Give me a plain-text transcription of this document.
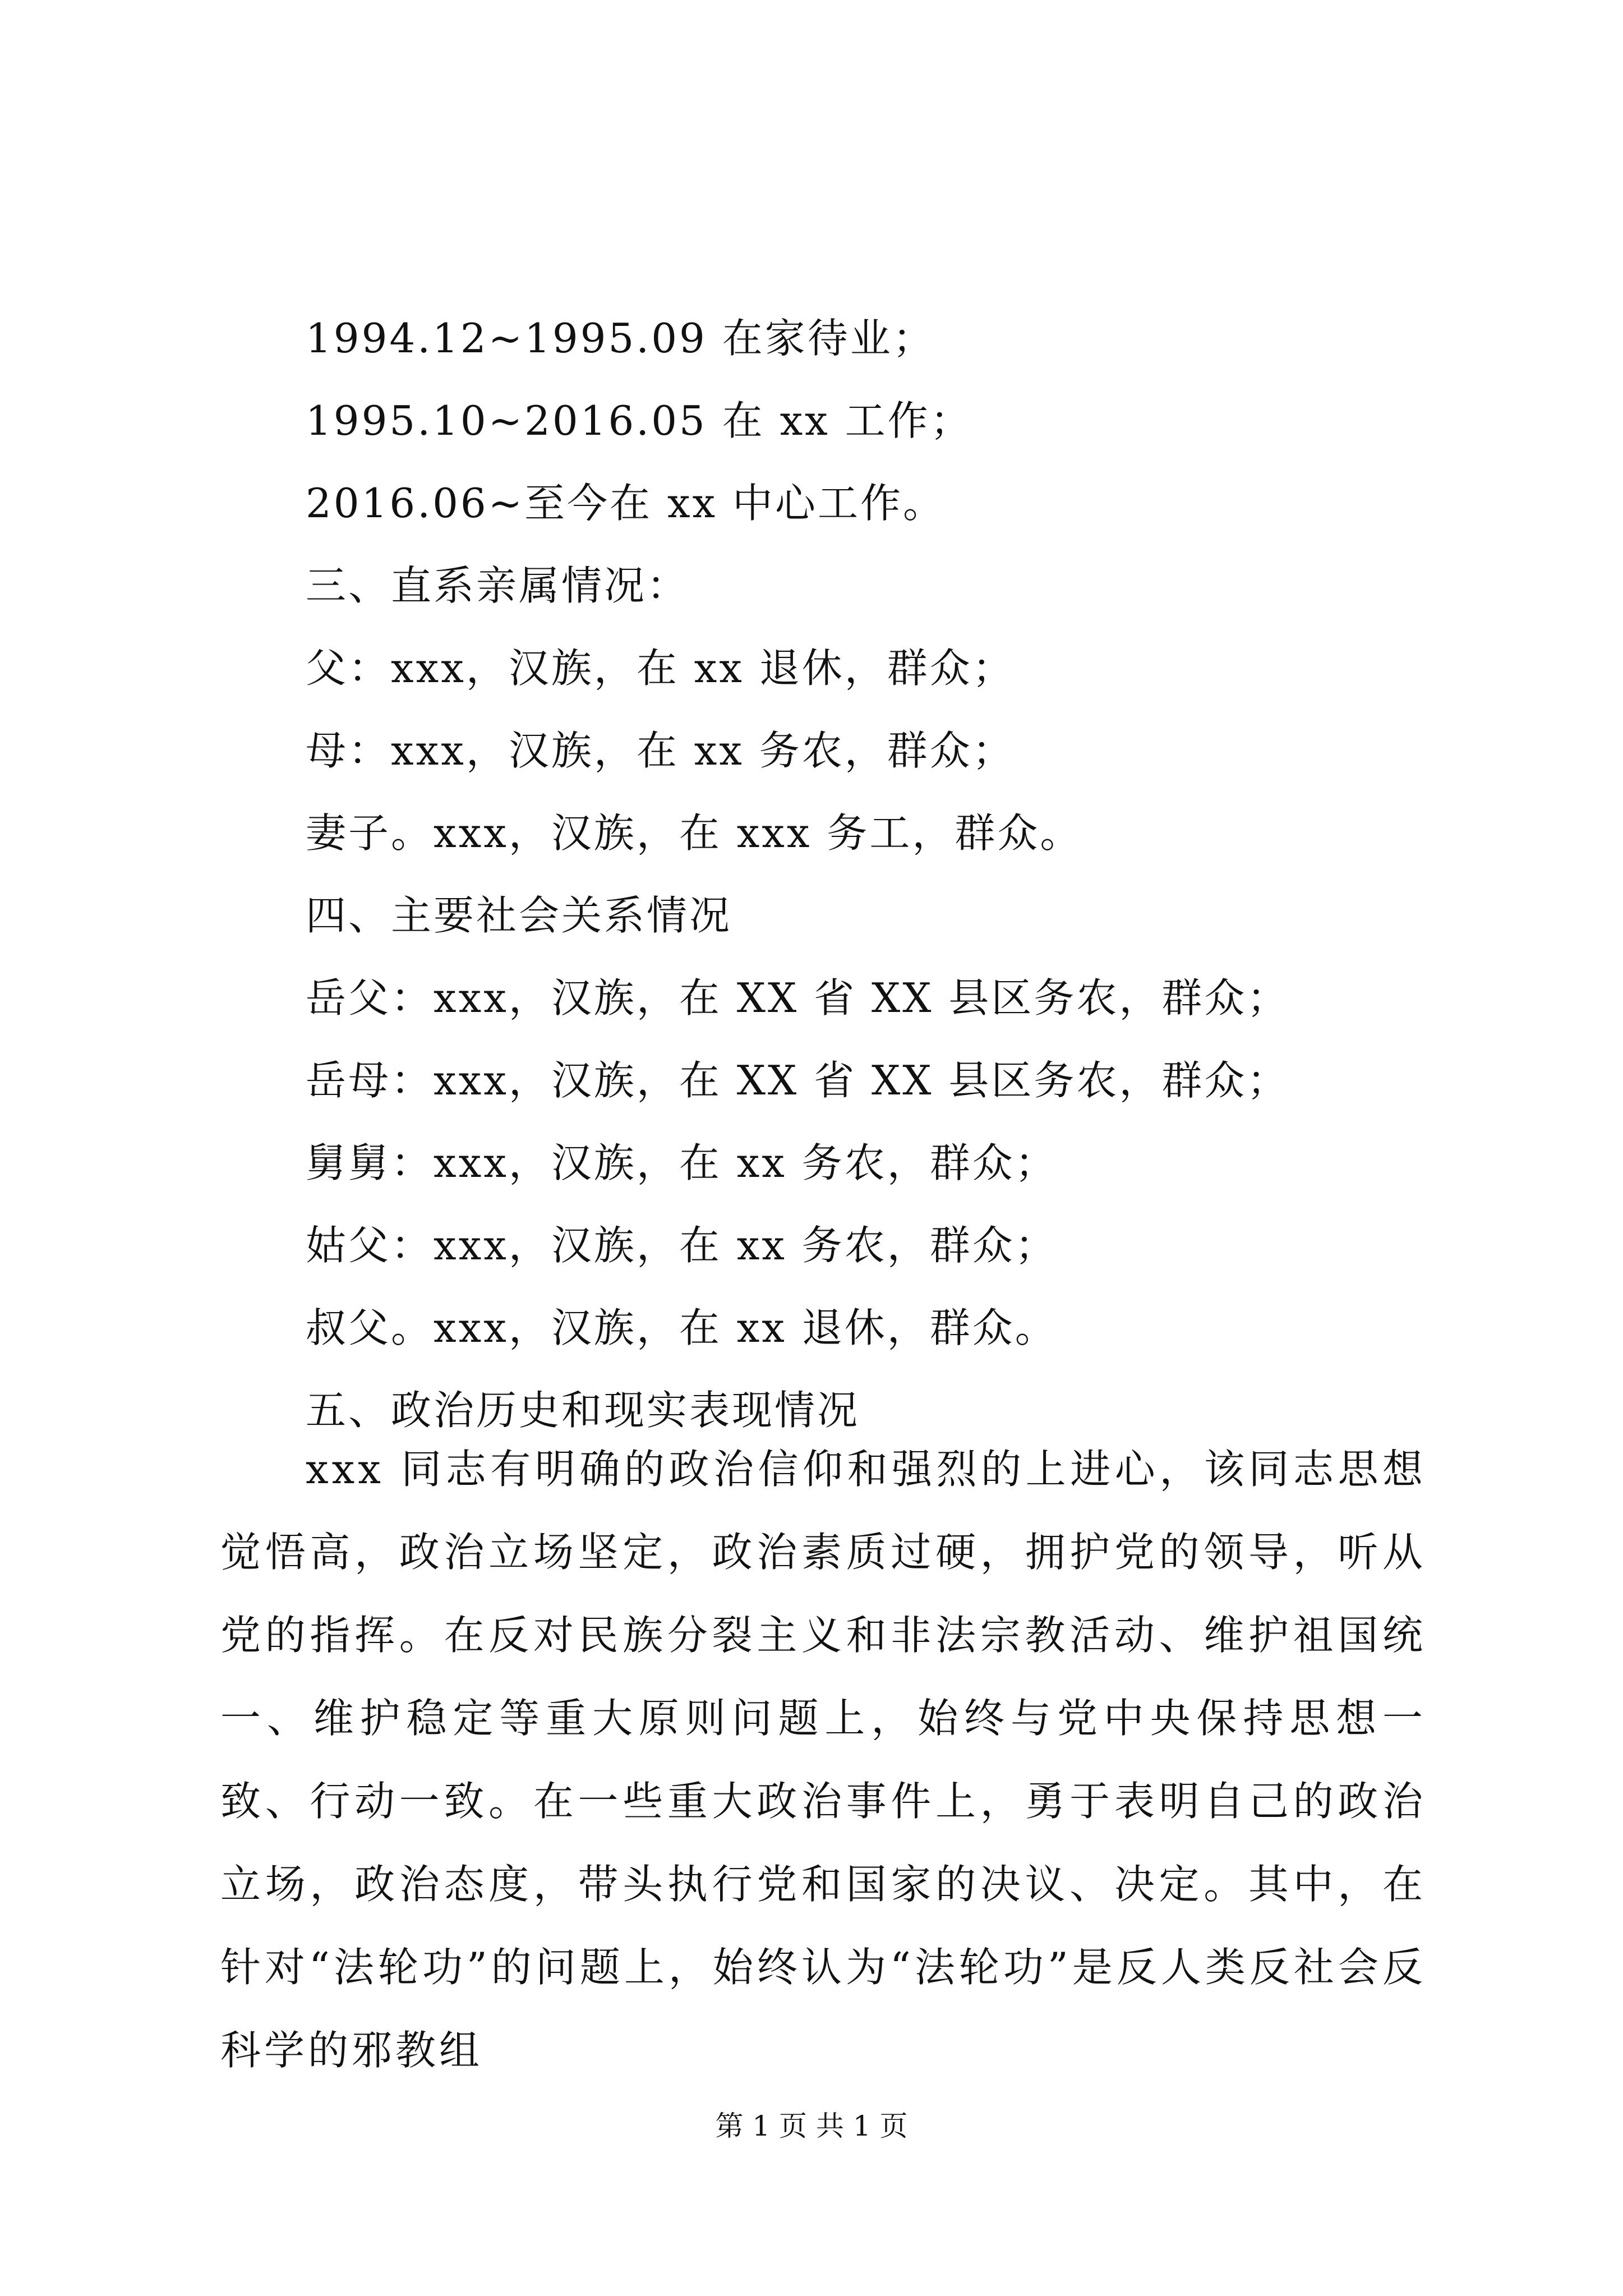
1994.12~1995.09 在家待业；
1995.10~2016.05 在 xx 工作；
2016.06~至今在 xx 中心工作。
三、直系亲属情况：
父：xxx，汉族，在 xx 退休，群众；
母：xxx，汉族，在 xx 务农，群众；
妻子。xxx，汉族，在 xxx 务工，群众。
四、主要社会关系情况
岳父：xxx，汉族，在 XX 省 XX 县区务农，群众；
岳母：xxx，汉族，在 XX 省 XX 县区务农，群众；
舅舅：xxx，汉族，在 xx 务农，群众；
姑父：xxx，汉族，在 xx 务农，群众；
叔父。xxx，汉族，在 xx 退休，群众。
五、政治历史和现实表现情况
xxx 同志有明确的政治信仰和强烈的上进心，该同志思想觉悟高，政治立场坚定，政治素质过硬，拥护党的领导，听从党的指挥。在反对民族分裂主义和非法宗教活动、维护祖国统一、维护稳定等重大原则问题上，始终与党中央保持思想一致、行动一致。在一些重大政治事件上，勇于表明自己的政治立场，政治态度，带头执行党和国家的决议、决定。其中，在针对“法轮功”的问题上，始终认为“法轮功”是反人类反社会反科学的邪教组
第 1 页 共 1 页
